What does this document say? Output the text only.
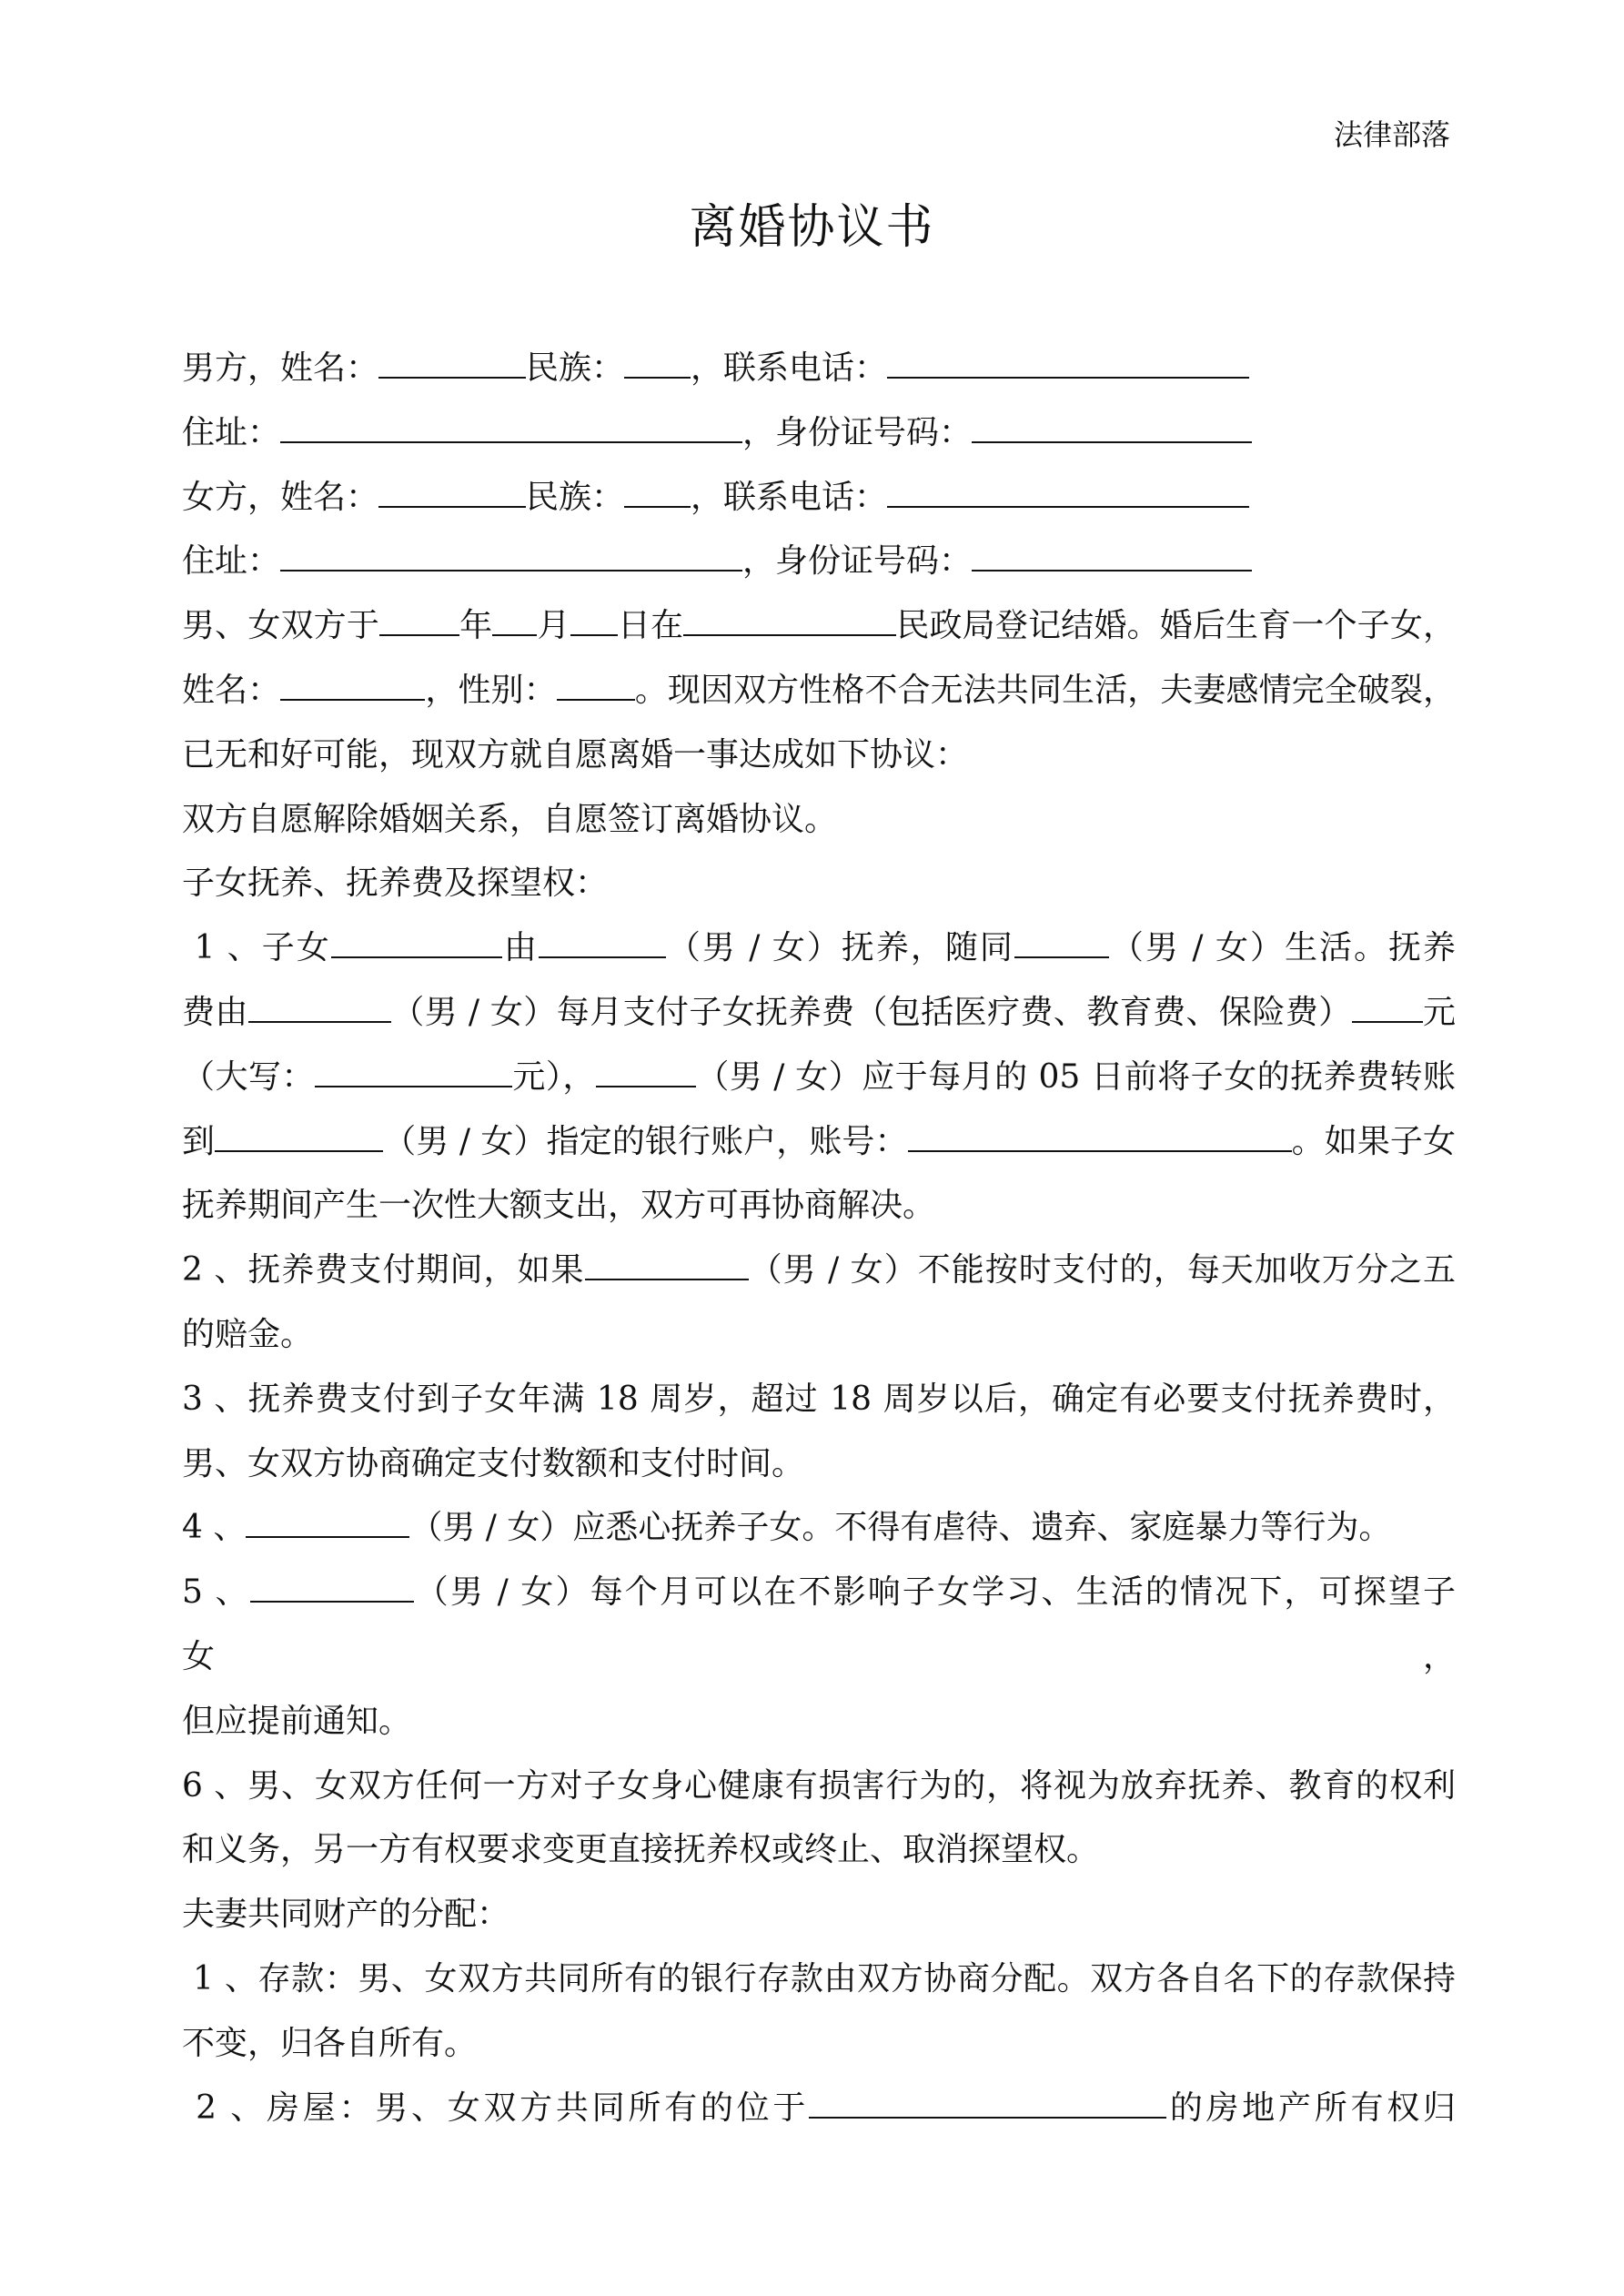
法律部落
离婚协议书
男方，姓名：	民族： ，联系电话：
住址：	，身份证号码：
女方，姓名：	民族： ，联系电话：
住址：	，身份证号码：
男、女双方于 年 月 日在	民政局登记结婚。婚后生育一个子女，
姓名：	，性别： 。现因双方性格不合无法共同生活，夫妻感情完全破裂，
已无和好可能，现双方就自愿离婚一事达成如下协议：
双方自愿解除婚姻关系，自愿签订离婚协议。
子女抚养、抚养费及探望权：
1 、子女	由	（男 / 女）抚养，随同	（男 / 女）生活。抚养
费由	（男 / 女）每月支付子女抚养费（包括医疗费、教育费、保险费） 元
（大写：	元），	（男 / 女）应于每月的 05 日前将子女的抚养费转账
到	（男 / 女）指定的银行账户，账号：	。如果子女
抚养期间产生一次性大额支出，双方可再协商解决。
2 、抚养费支付期间，如果	（男 / 女）不能按时支付的，每天加收万分之五
的赔金。
3 、抚养费支付到子女年满 18 周岁，超过 18 周岁以后，确定有必要支付抚养费时，
男、女双方协商确定支付数额和支付时间。
4 、	（男 / 女）应悉心抚养子女。不得有虐待、遗弃、家庭暴力等行为。
5 、	（男 / 女）每个月可以在不影响子女学习、生活的情况下，可探望子女，
但应提前通知。
6 、男、女双方任何一方对子女身心健康有损害行为的，将视为放弃抚养、教育的权利
和义务，另一方有权要求变更直接抚养权或终止、取消探望权。
夫妻共同财产的分配：
1 、存款：男、女双方共同所有的银行存款由双方协商分配。双方各自名下的存款保持
不变，归各自所有。
2 、房屋：男、女双方共同所有的位于	的房地产所有权归
